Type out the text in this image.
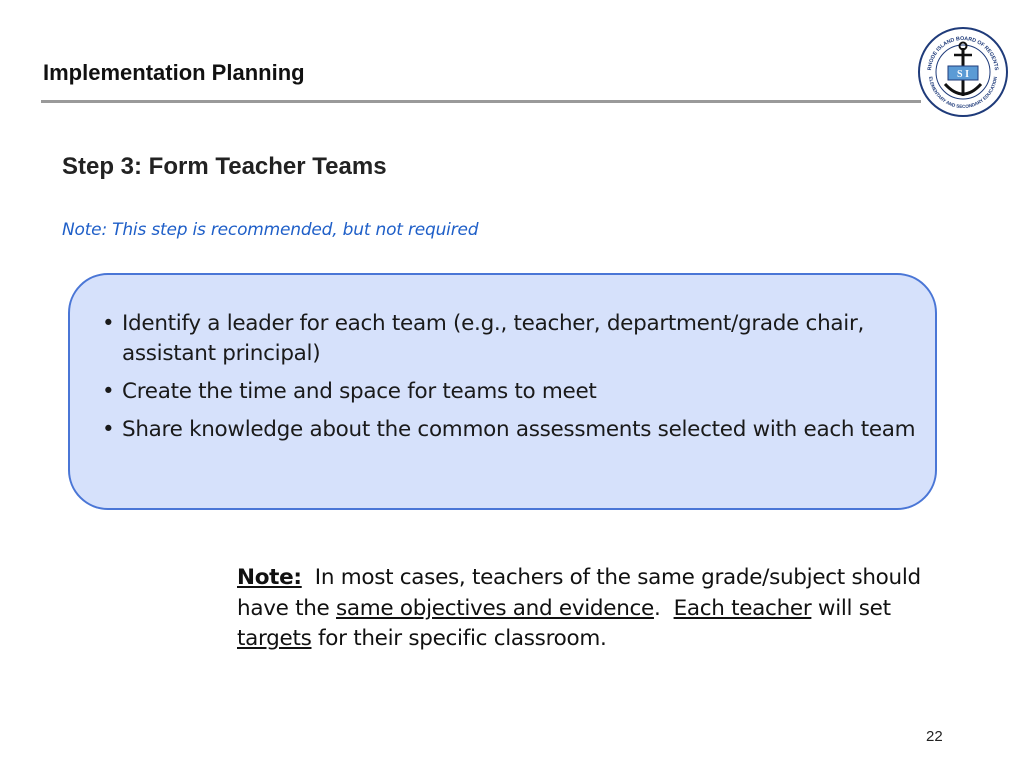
Implementation Planning	RHODE ISLAND BOARD OF REGENTS
ELEMENTARY AND SECONDARY EDUCATION
S I
Step 3: Form Teacher Teams
Note: This step is recommended, but not required
• Identify a leader for each team (e.g., teacher, department/grade chair, assistant principal)
• Create the time and space for teams to meet
• Share knowledge about the common assessments selected with each team
Note:  In most cases, teachers of the same grade/subject should have the same objectives and evidence.  Each teacher will set targets for their specific classroom.
22
